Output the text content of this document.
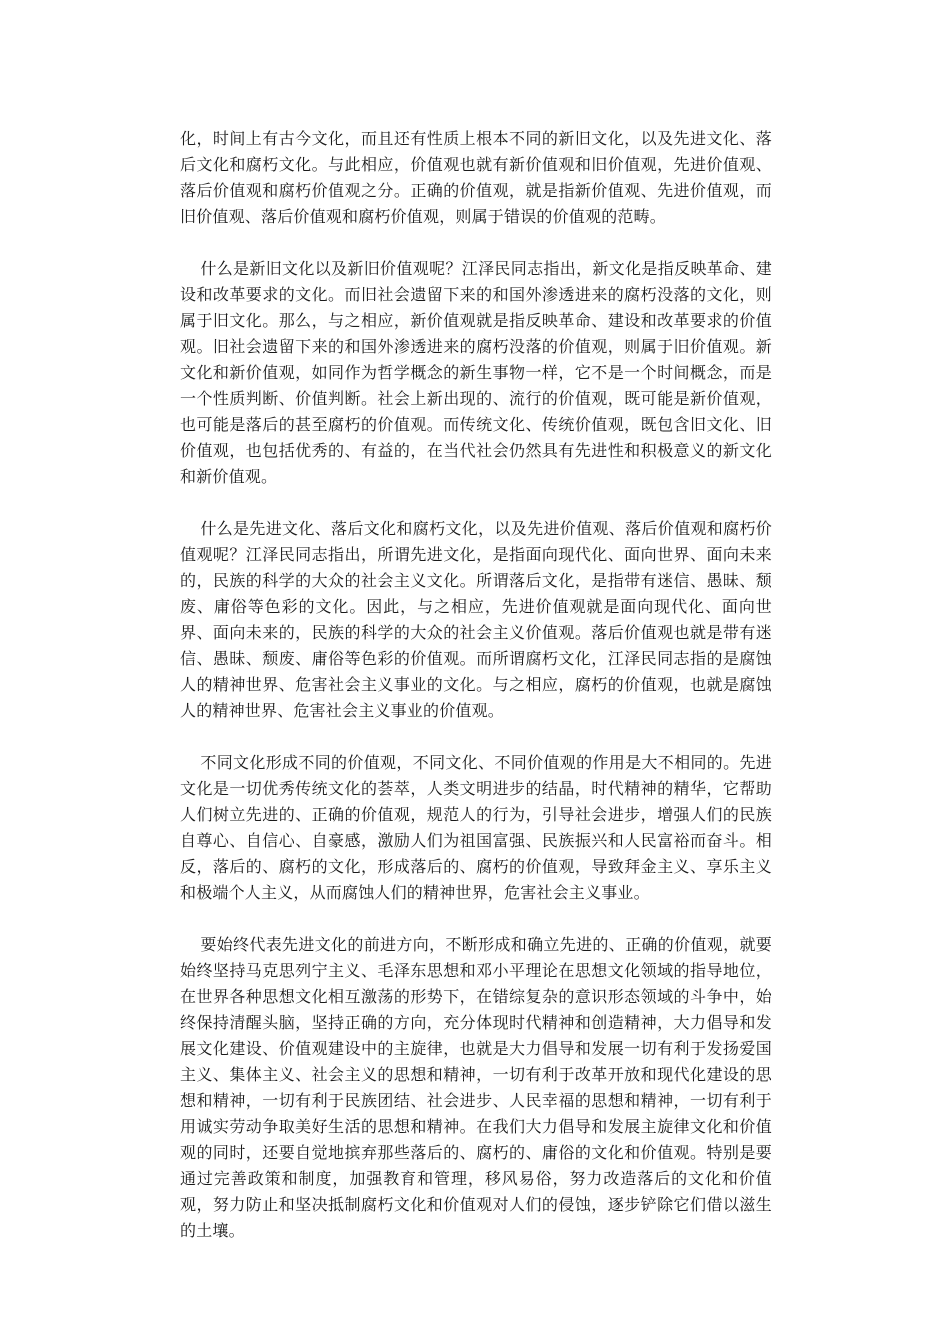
化，时间上有古今文化，而且还有性质上根本不同的新旧文化，以及先进文化、落后文化和腐朽文化。与此相应，价值观也就有新价值观和旧价值观，先进价值观、落后价值观和腐朽价值观之分。正确的价值观，就是指新价值观、先进价值观，而旧价值观、落后价值观和腐朽价值观，则属于错误的价值观的范畴。

什么是新旧文化以及新旧价值观呢？江泽民同志指出，新文化是指反映革命、建设和改革要求的文化。而旧社会遗留下来的和国外渗透进来的腐朽没落的文化，则属于旧文化。那么，与之相应，新价值观就是指反映革命、建设和改革要求的价值观。旧社会遗留下来的和国外渗透进来的腐朽没落的价值观，则属于旧价值观。新文化和新价值观，如同作为哲学概念的新生事物一样，它不是一个时间概念，而是一个性质判断、价值判断。社会上新出现的、流行的价值观，既可能是新价值观，也可能是落后的甚至腐朽的价值观。而传统文化、传统价值观，既包含旧文化、旧价值观，也包括优秀的、有益的，在当代社会仍然具有先进性和积极意义的新文化和新价值观。

什么是先进文化、落后文化和腐朽文化，以及先进价值观、落后价值观和腐朽价值观呢？江泽民同志指出，所谓先进文化，是指面向现代化、面向世界、面向未来的，民族的科学的大众的社会主义文化。所谓落后文化，是指带有迷信、愚昧、颓废、庸俗等色彩的文化。因此，与之相应，先进价值观就是面向现代化、面向世界、面向未来的，民族的科学的大众的社会主义价值观。落后价值观也就是带有迷信、愚昧、颓废、庸俗等色彩的价值观。而所谓腐朽文化，江泽民同志指的是腐蚀人的精神世界、危害社会主义事业的文化。与之相应，腐朽的价值观，也就是腐蚀人的精神世界、危害社会主义事业的价值观。

不同文化形成不同的价值观，不同文化、不同价值观的作用是大不相同的。先进文化是一切优秀传统文化的荟萃，人类文明进步的结晶，时代精神的精华，它帮助人们树立先进的、正确的价值观，规范人的行为，引导社会进步，增强人们的民族自尊心、自信心、自豪感，激励人们为祖国富强、民族振兴和人民富裕而奋斗。相反，落后的、腐朽的文化，形成落后的、腐朽的价值观，导致拜金主义、享乐主义和极端个人主义，从而腐蚀人们的精神世界，危害社会主义事业。

要始终代表先进文化的前进方向，不断形成和确立先进的、正确的价值观，就要始终坚持马克思列宁主义、毛泽东思想和邓小平理论在思想文化领域的指导地位，在世界各种思想文化相互激荡的形势下，在错综复杂的意识形态领域的斗争中，始终保持清醒头脑，坚持正确的方向，充分体现时代精神和创造精神，大力倡导和发展文化建设、价值观建设中的主旋律，也就是大力倡导和发展一切有利于发扬爱国主义、集体主义、社会主义的思想和精神，一切有利于改革开放和现代化建设的思想和精神，一切有利于民族团结、社会进步、人民幸福的思想和精神，一切有利于用诚实劳动争取美好生活的思想和精神。在我们大力倡导和发展主旋律文化和价值观的同时，还要自觉地摈弃那些落后的、腐朽的、庸俗的文化和价值观。特别是要通过完善政策和制度，加强教育和管理，移风易俗，努力改造落后的文化和价值观，努力防止和坚决抵制腐朽文化和价值观对人们的侵蚀，逐步铲除它们借以滋生的土壤。
